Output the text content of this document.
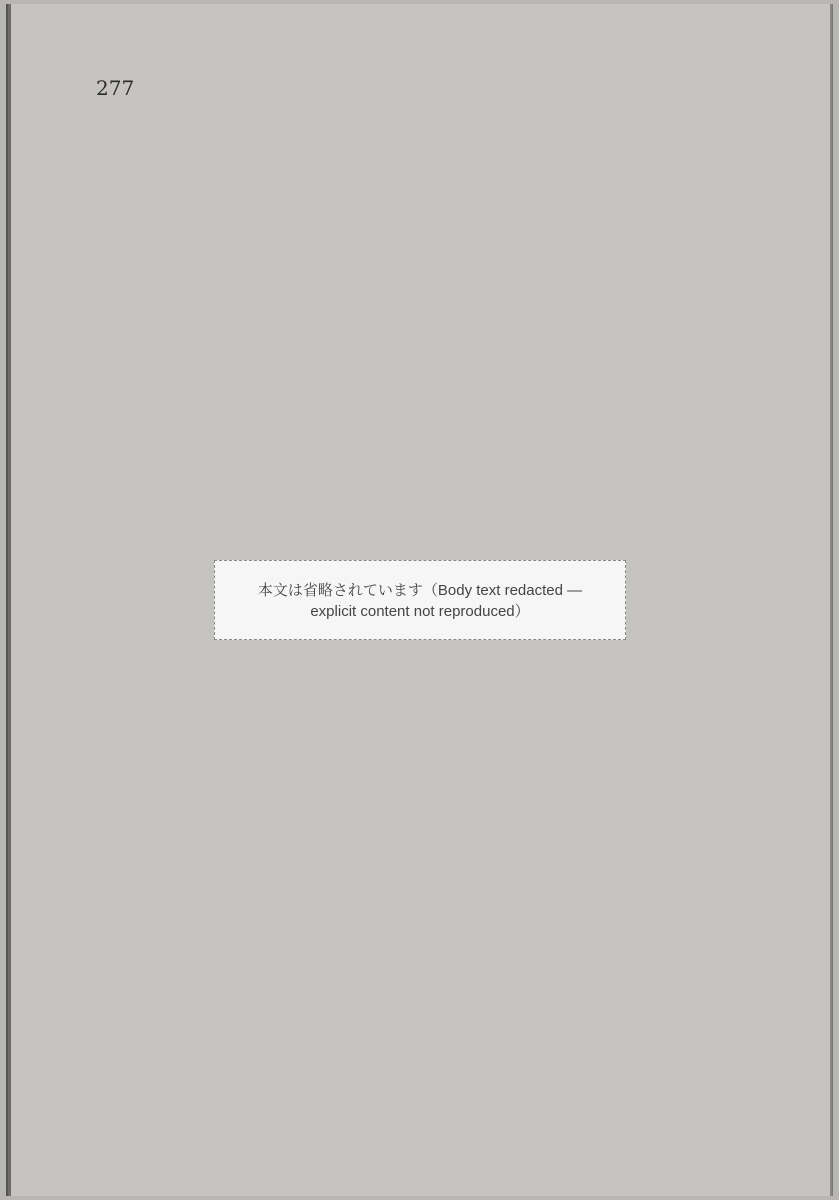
277
本文は省略されています（Body text redacted — explicit content not reproduced）
